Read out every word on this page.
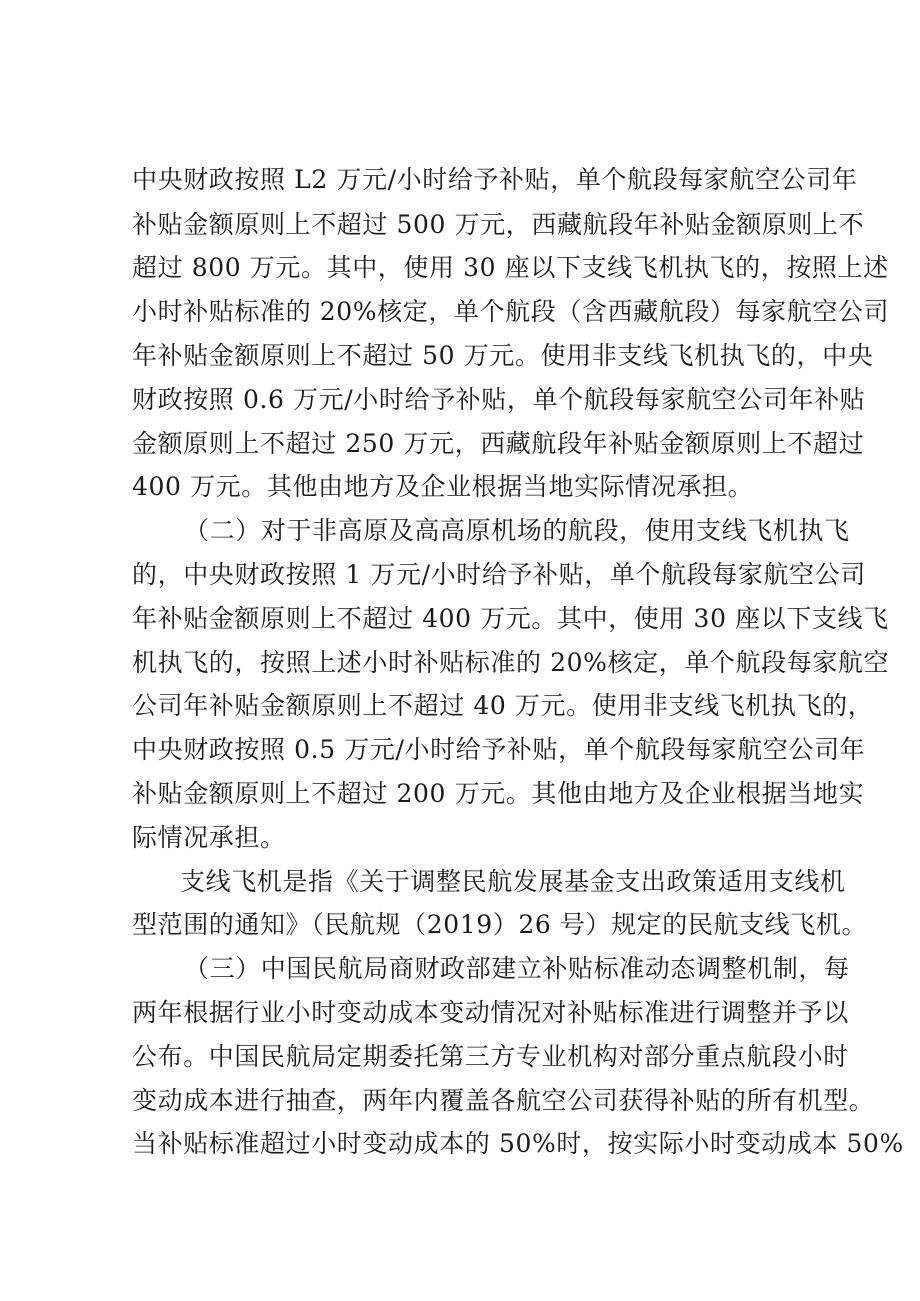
中央财政按照 L2 万元/小时给予补贴，单个航段每家航空公司年
补贴金额原则上不超过 500 万元，西藏航段年补贴金额原则上不
超过 800 万元。其中，使用 30 座以下支线飞机执飞的，按照上述
小时补贴标准的 20%核定，单个航段（含西藏航段）每家航空公司
年补贴金额原则上不超过 50 万元。使用非支线飞机执飞的，中央
财政按照 0.6 万元/小时给予补贴，单个航段每家航空公司年补贴
金额原则上不超过 250 万元，西藏航段年补贴金额原则上不超过
400 万元。其他由地方及企业根据当地实际情况承担。
（二）对于非高原及高高原机场的航段，使用支线飞机执飞
的，中央财政按照 1 万元/小时给予补贴，单个航段每家航空公司
年补贴金额原则上不超过 400 万元。其中，使用 30 座以下支线飞
机执飞的，按照上述小时补贴标准的 20%核定，单个航段每家航空
公司年补贴金额原则上不超过 40 万元。使用非支线飞机执飞的，
中央财政按照 0.5 万元/小时给予补贴，单个航段每家航空公司年
补贴金额原则上不超过 200 万元。其他由地方及企业根据当地实
际情况承担。
支线飞机是指《关于调整民航发展基金支出政策适用支线机
型范围的通知》（民航规（2019）26 号）规定的民航支线飞机。
（三）中国民航局商财政部建立补贴标准动态调整机制，每
两年根据行业小时变动成本变动情况对补贴标准进行调整并予以
公布。中国民航局定期委托第三方专业机构对部分重点航段小时
变动成本进行抽查，两年内覆盖各航空公司获得补贴的所有机型。
当补贴标准超过小时变动成本的 50%时，按实际小时变动成本 50%
